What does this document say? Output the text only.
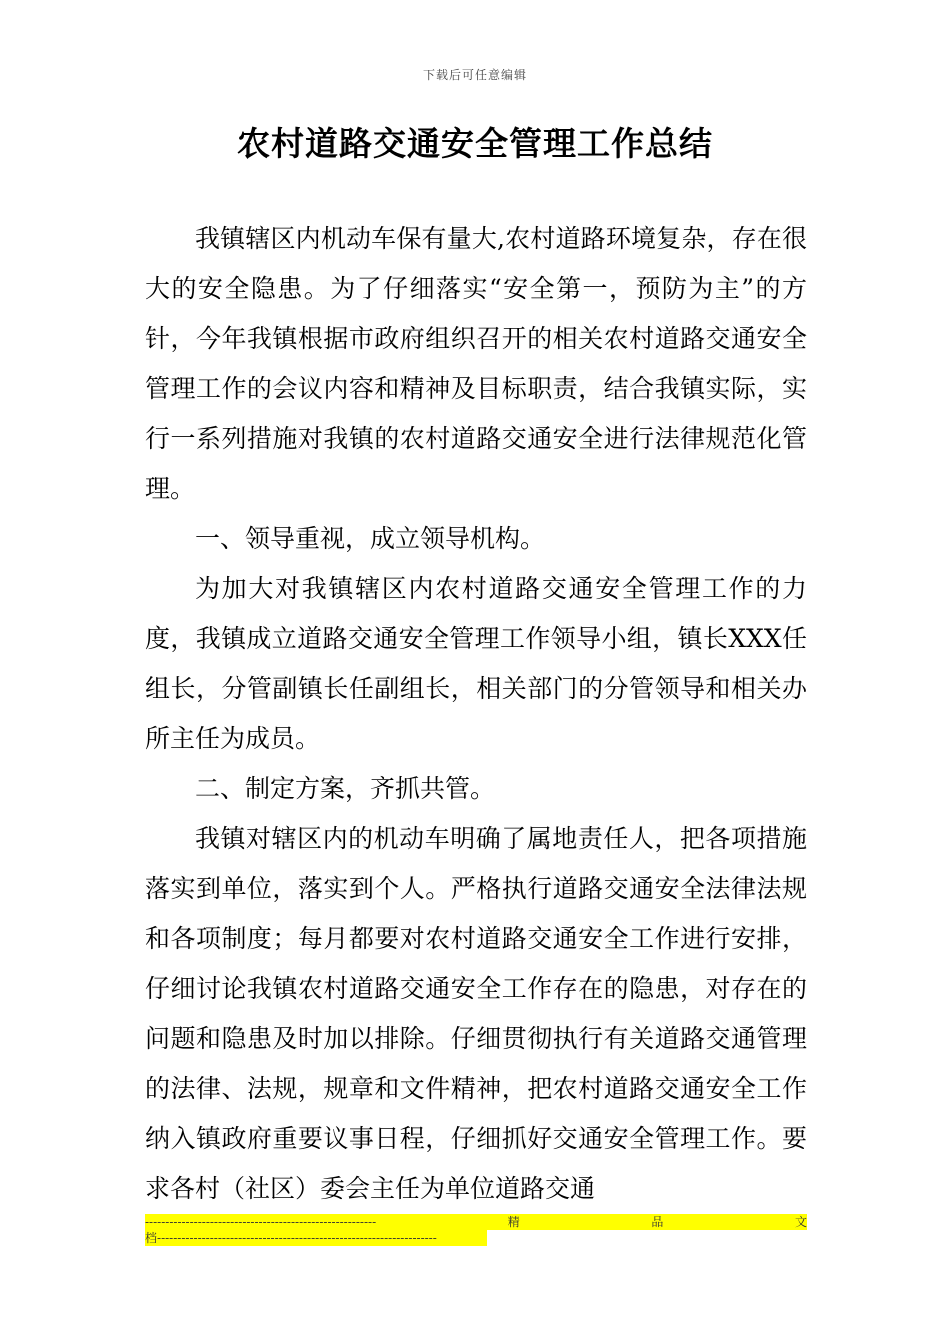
下载后可任意编辑
农村道路交通安全管理工作总结

我镇辖区内机动车保有量大,农村道路环境复杂，存在很大的安全隐患。为了仔细落实“安全第一，预防为主”的方针，今年我镇根据市政府组织召开的相关农村道路交通安全管理工作的会议内容和精神及目标职责，结合我镇实际，实行一系列措施对我镇的农村道路交通安全进行法律规范化管理。

一、领导重视，成立领导机构。

为加大对我镇辖区内农村道路交通安全管理工作的力度，我镇成立道路交通安全管理工作领导小组，镇长XXX任组长，分管副镇长任副组长，相关部门的分管领导和相关办所主任为成员。

二、制定方案，齐抓共管。

我镇对辖区内的机动车明确了属地责任人，把各项措施落实到单位，落实到个人。严格执行道路交通安全法律法规和各项制度；每月都要对农村道路交通安全工作进行安排，仔细讨论我镇农村道路交通安全工作存在的隐患，对存在的问题和隐患及时加以排除。仔细贯彻执行有关道路交通管理的法律、法规，规章和文件精神，把农村道路交通安全工作纳入镇政府重要议事日程，仔细抓好交通安全管理工作。要求各村（社区）委会主任为单位道路交通

---------------------------------------------------------	精	品	文
档---------------------------------------------------------------------
